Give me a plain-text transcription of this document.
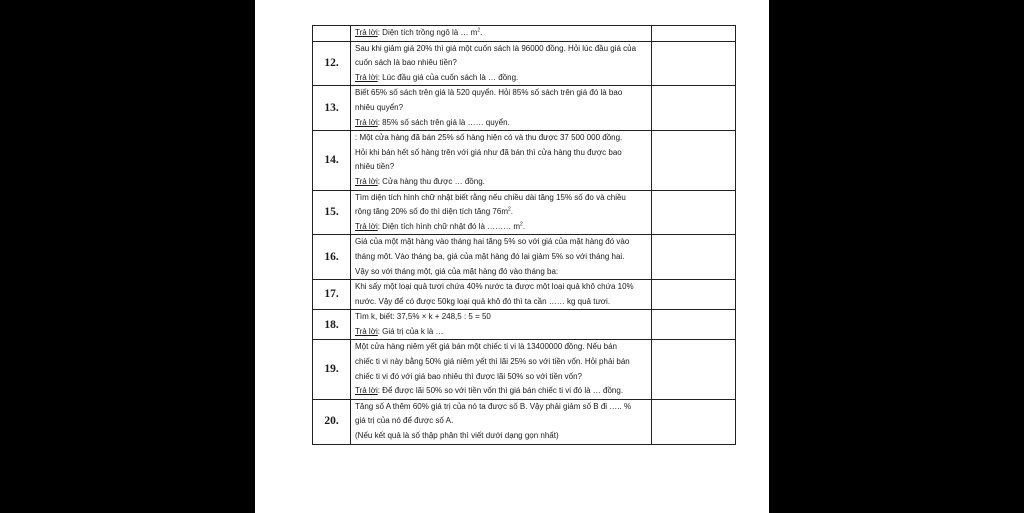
	Trả lời: Diện tích trồng ngô là … $m^2$.	

12.	Sau khi giảm giá 20% thì giá một cuốn sách là 96000 đồng. Hỏi lúc đầu giá của
cuốn sách là bao nhiêu tiền?
Trả lời: Lúc đầu giá của cuốn sách là … đồng.	

13.	Biết 65% số sách trên giá là 520 quyển. Hỏi 85% số sách trên giá đó là bao
nhiêu quyển?
Trả lời: 85% số sách trên giá là …… quyển.	

14.	: Một cửa hàng đã bán 25% số hàng hiện có và thu được 37 500 000 đồng.
Hỏi khi bán hết số hàng trên với giá như đã bán thì cửa hàng thu được bao
nhiêu tiền?
Trả lời: Cửa hàng thu được … đồng.	

15.	Tìm diện tích hình chữ nhật biết rằng nếu chiều dài tăng 15% số đo và chiều
rộng tăng 20% số đo thì diện tích tăng $76m^2$.
Trả lời: Diện tích hình chữ nhật đó là ……… $m^2$.	

16.	Giá của một mặt hàng vào tháng hai tăng 5% so với giá của mặt hàng đó vào
tháng một. Vào tháng ba, giá của mặt hàng đó lại giảm 5% so với tháng hai.
Vậy so với tháng một, giá của mặt hàng đó vào tháng ba:	

17.	Khi sấy một loại quả tươi chứa 40% nước ta được một loại quả khô chứa 10%
nước. Vậy để có được 50kg loại quả khô đó thì ta cần …… kg quả tươi.	

18.	Tìm k, biết: 37,5% × k + 248,5 : 5 = 50
Trả lời: Giá trị của k là …	

19.	Một cửa hàng niêm yết giá bán một chiếc ti vi là 13400000 đồng. Nếu bán
chiếc ti vi này bằng 50% giá niêm yết thì lãi 25% so với tiền vốn. Hỏi phải bán
chiếc ti vi đó với giá bao nhiêu thì được lãi 50% so với tiền vốn?
Trả lời: Để được lãi 50% so với tiền vốn thì giá bán chiếc ti vi đó là … đồng.	

20.	Tăng số A thêm 60% giá trị của nó ta được số B. Vậy phải giảm số B đi ….. %
giá trị của nó để được số A.
(Nếu kết quả là số thập phân thì viết dưới dạng gọn nhất)	
